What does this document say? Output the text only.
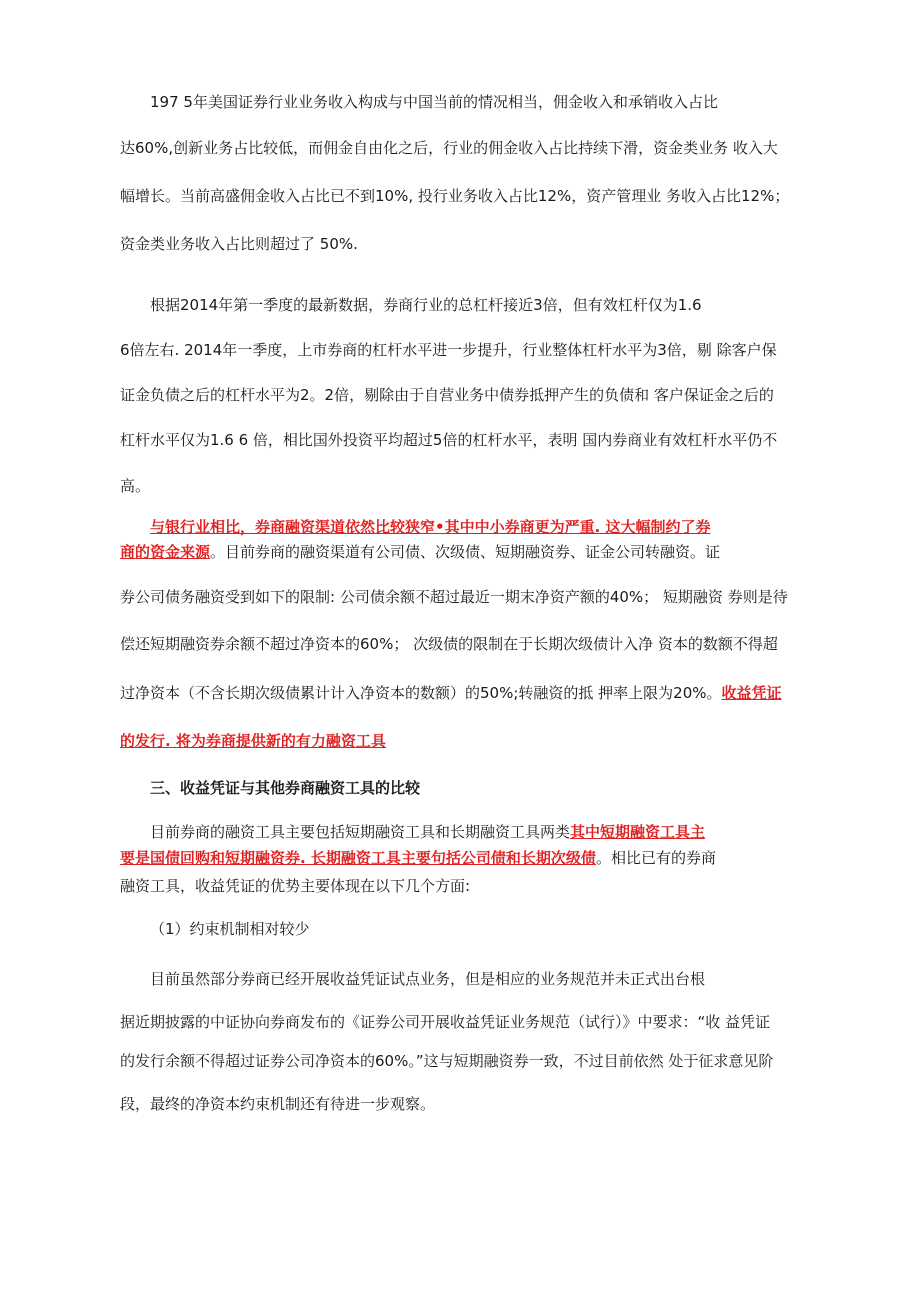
197 5年美国证券行业业务收入构成与中国当前的情况相当，佣金收入和承销收入占比
达60%,创新业务占比较低，而佣金自由化之后，行业的佣金收入占比持续下滑，资金类业务 收入大
幅增长。当前高盛佣金收入占比已不到10%, 投行业务收入占比12%，资产管理业 务收入占比12%；
资金类业务收入占比则超过了 50%.
根据2014年第一季度的最新数据，券商行业的总杠杆接近3倍，但有效杠杆仅为1.6
6倍左右. 2014年一季度，上市券商的杠杆水平进一步提升，行业整体杠杆水平为3倍，剔 除客户保
证金负债之后的杠杆水平为2。2倍，剔除由于自营业务中债券抵押产生的负债和 客户保证金之后的
杠杆水平仅为1.6 6 倍，相比国外投资平均超过5倍的杠杆水平，表明 国内券商业有效杠杆水平仍不
高。
与银行业相比，券商融资渠道依然比较狭窄•其中中小券商更为严重. 这大幅制约了券
商的资金来源。目前券商的融资渠道有公司债、次级债、短期融资券、证金公司转融资。证
券公司债务融资受到如下的限制: 公司债余额不超过最近一期末净资产额的40%； 短期融资 券则是待
偿还短期融资券余额不超过净资本的60%； 次级债的限制在于长期次级债计入净 资本的数额不得超
过净资本（不含长期次级债累计计入净资本的数额）的50%;转融资的抵 押率上限为20%。收益凭证
的发行. 将为券商提供新的有力融资工具
三、收益凭证与其他券商融资工具的比较
目前券商的融资工具主要包括短期融资工具和长期融资工具两类其中短期融资工具主
要是国债回购和短期融资券. 长期融资工具主要句括公司债和长期次级债。相比已有的券商
融资工具，收益凭证的优势主要体现在以下几个方面:
（1）约束机制相对较少
目前虽然部分券商已经开展收益凭证试点业务，但是相应的业务规范并未正式出台根
据近期披露的中证协向券商发布的《证券公司开展收益凭证业务规范（试行）》中要求：“收 益凭证
的发行余额不得超过证券公司净资本的60%。”这与短期融资券一致，不过目前依然 处于征求意见阶
段，最终的净资本约束机制还有待进一步观察。
